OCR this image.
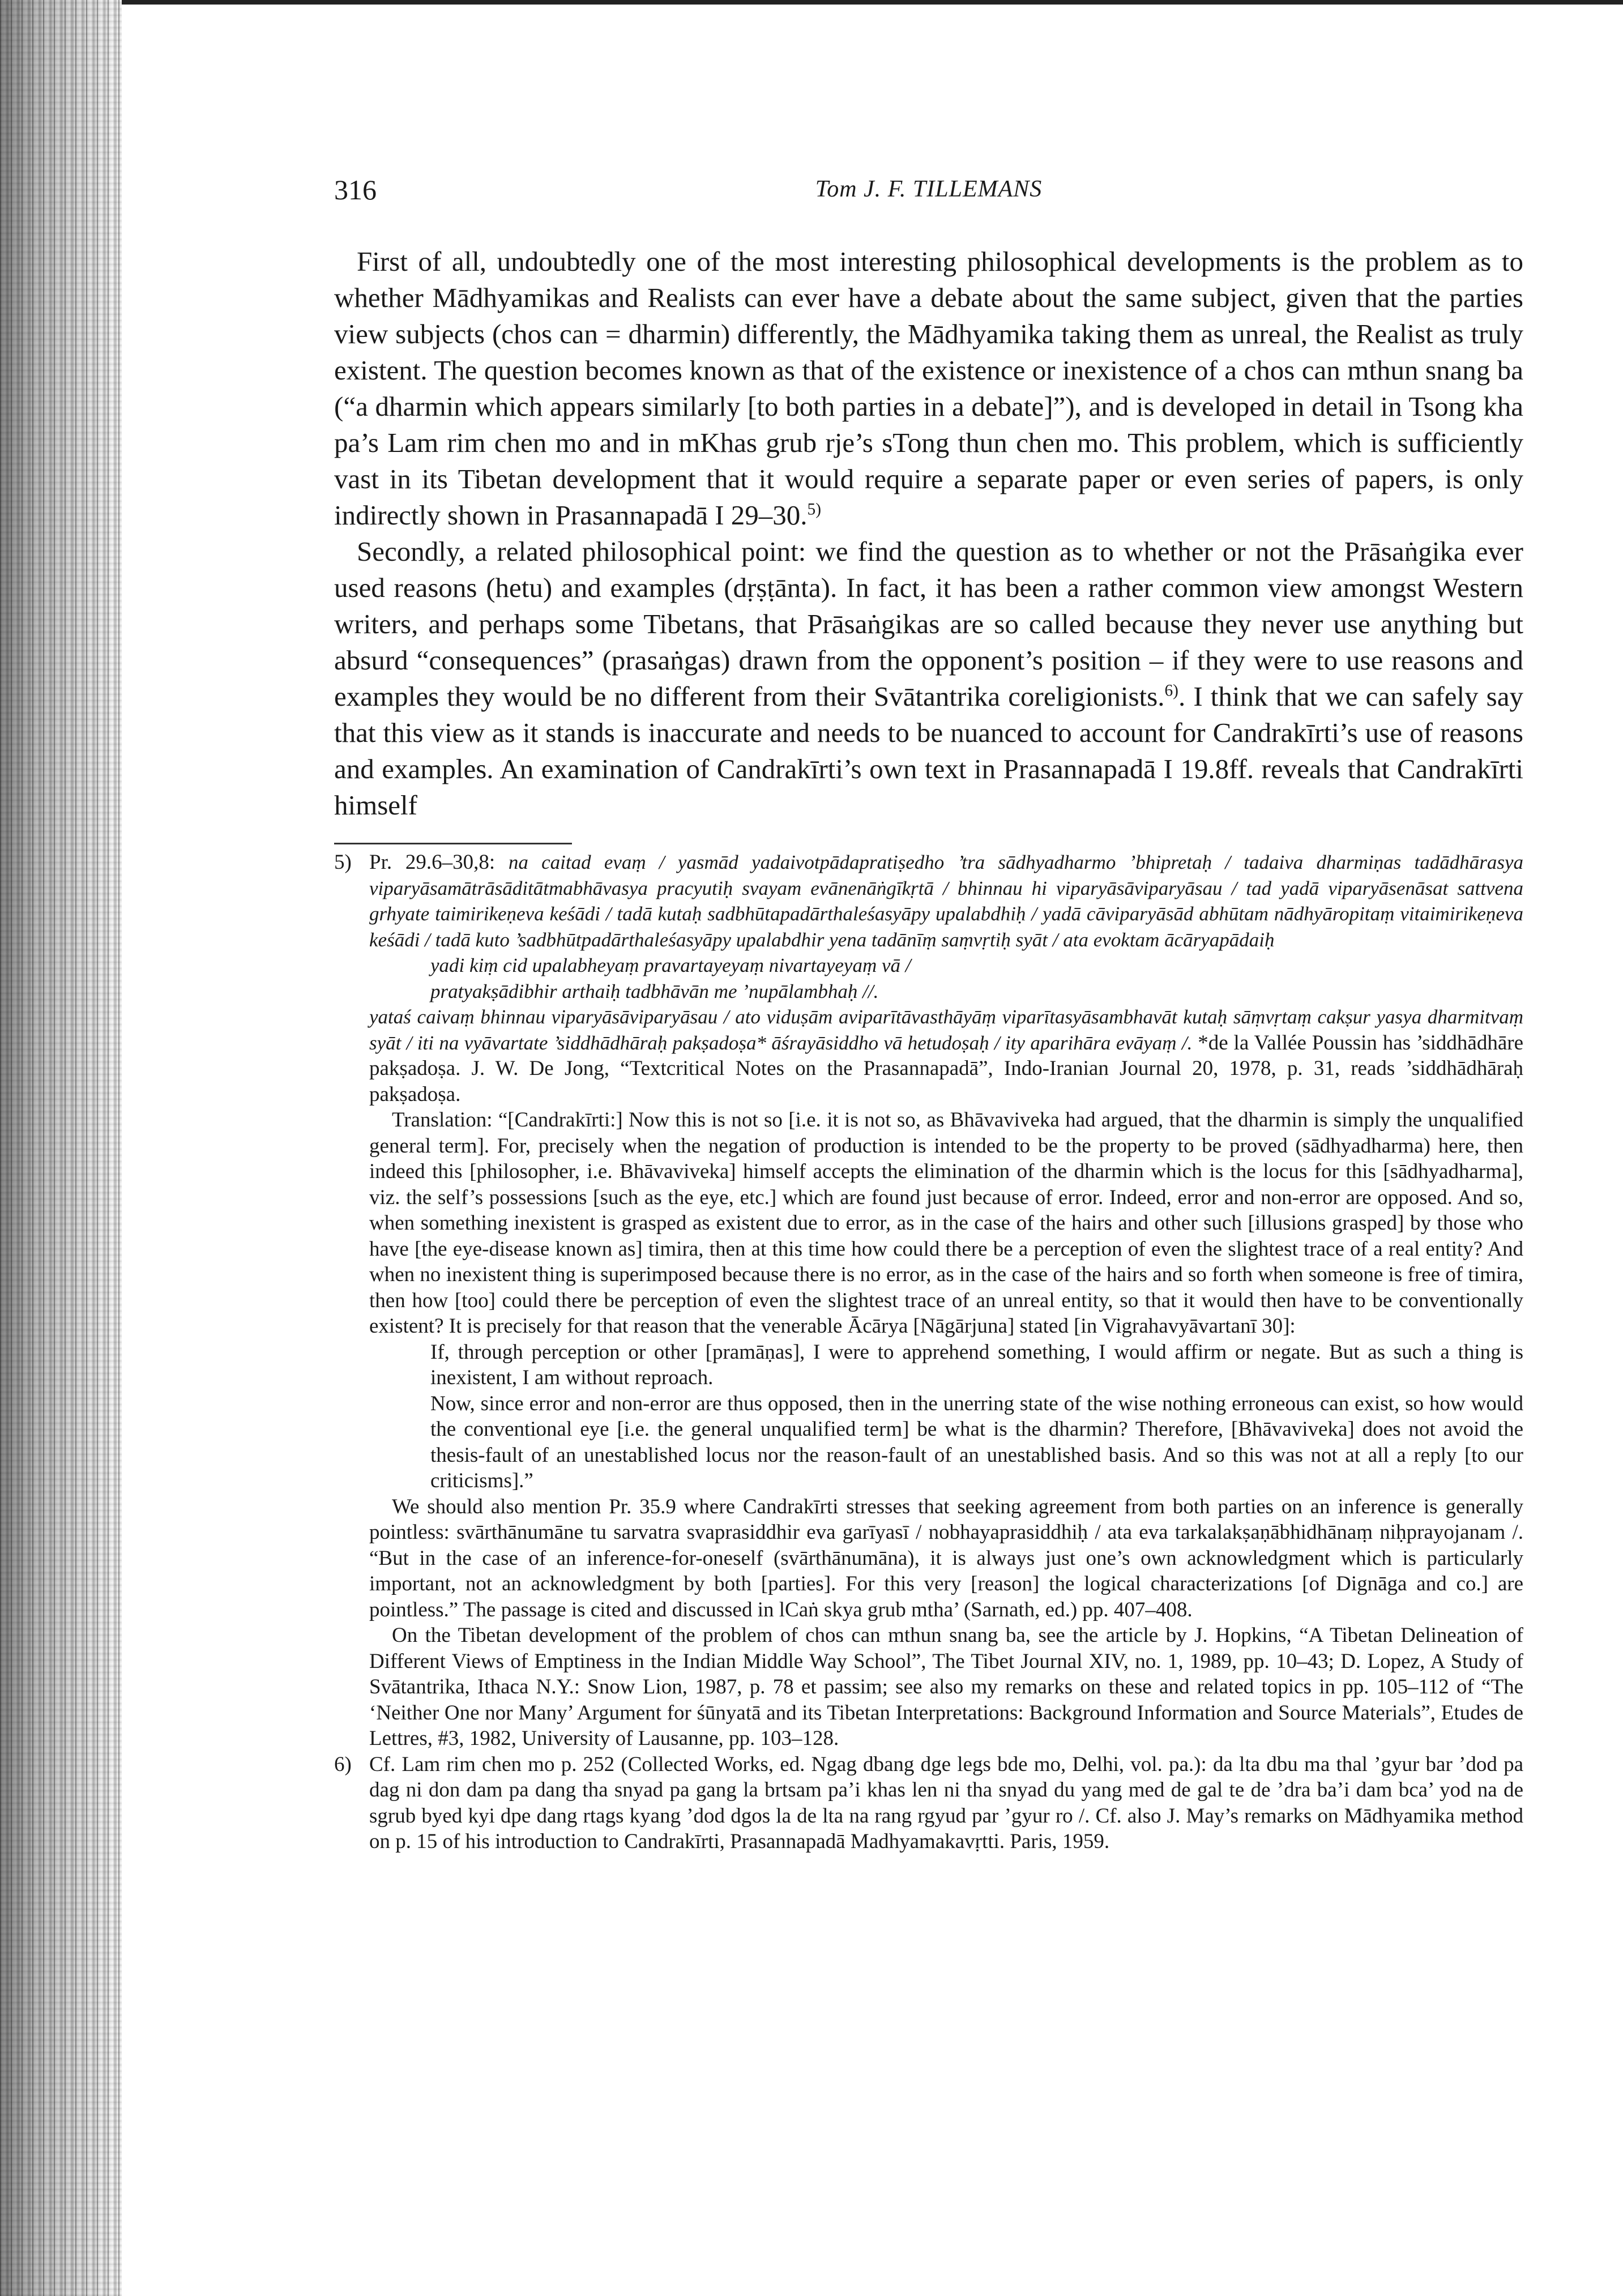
316	Tom J. F. TILLEMANS

First of all, undoubtedly one of the most interesting philosophical developments is the problem as to whether Mādhyamikas and Realists can ever have a debate about the same subject, given that the parties view subjects (chos can = dharmin) differently, the Mādhyamika taking them as unreal, the Realist as truly existent. The question becomes known as that of the existence or inexistence of a chos can mthun snang ba (“a dharmin which appears similarly [to both parties in a debate]”), and is developed in detail in Tsong kha pa’s Lam rim chen mo and in mKhas grub rje’s sTong thun chen mo. This problem, which is sufficiently vast in its Tibetan development that it would require a separate paper or even series of papers, is only indirectly shown in Prasannapadā I 29–30.$^{5)}$

Secondly, a related philosophical point: we find the question as to whether or not the Prāsaṅgika ever used reasons (hetu) and examples (dṛṣṭānta). In fact, it has been a rather common view amongst Western writers, and perhaps some Tibetans, that Prāsaṅgikas are so called because they never use anything but absurd “consequences” (prasaṅgas) drawn from the opponent’s position – if they were to use reasons and examples they would be no different from their Svātantrika coreligionists.$^{6)}$. I think that we can safely say that this view as it stands is inaccurate and needs to be nuanced to account for Candrakīrti’s use of reasons and examples. An examination of Candrakīrti’s own text in Prasannapadā I 19.8ff. reveals that Candrakīrti himself

5) Pr. 29.6–30,8: na caitad evaṃ / yasmād yadaivotpādapratiṣedho ’tra sādhyadharmo ’bhipretaḥ / tadaiva dharmiṇas tadādhārasya viparyāsamātrāsāditātmabhāvasya pracyutiḥ svayam evānenāṅgīkṛtā / bhinnau hi viparyāsāviparyāsau / tad yadā viparyāsenāsat sattvena grhyate taimirikeṇeva keśādi / tadā kutaḥ sadbhūtapadārthaleśasyāpy upalabdhiḥ / yadā cāviparyāsād abhūtam nādhyāropitaṃ vitaimirikeṇeva keśādi / tadā kuto ’sadbhūtpadārthaleśasyāpy upalabdhir yena tadānīṃ saṃvṛtiḥ syāt / ata evoktam ācāryapādaiḥ

yadi kiṃ cid upalabheyaṃ pravartayeyaṃ nivartayeyaṃ vā /

pratyakṣādibhir arthaiḥ tadbhāvān me ’nupālambhaḥ //.

yataś caivaṃ bhinnau viparyāsāviparyāsau / ato viduṣām aviparītāvasthāyāṃ viparītasyāsambhavāt kutaḥ sāṃvṛtaṃ cakṣur yasya dharmitvaṃ syāt / iti na vyāvartate ’siddhādhāraḥ pakṣadoṣa* āśrayāsiddho vā hetudoṣaḥ / ity aparihāra evāyaṃ /. *de la Vallée Poussin has ’siddhādhāre pakṣadoṣa. J. W. De Jong, “Textcritical Notes on the Prasannapadā”, Indo-Iranian Journal 20, 1978, p. 31, reads ’siddhādhāraḥ pakṣadoṣa.

Translation: “[Candrakīrti:] Now this is not so [i.e. it is not so, as Bhāvaviveka had argued, that the dharmin is simply the unqualified general term]. For, precisely when the negation of production is intended to be the property to be proved (sādhyadharma) here, then indeed this [philosopher, i.e. Bhāvaviveka] himself accepts the elimination of the dharmin which is the locus for this [sādhyadharma], viz. the self’s possessions [such as the eye, etc.] which are found just because of error. Indeed, error and non-error are opposed. And so, when something inexistent is grasped as existent due to error, as in the case of the hairs and other such [illusions grasped] by those who have [the eye-disease known as] timira, then at this time how could there be a perception of even the slightest trace of a real entity? And when no inexistent thing is superimposed because there is no error, as in the case of the hairs and so forth when someone is free of timira, then how [too] could there be perception of even the slightest trace of an unreal entity, so that it would then have to be conventionally existent? It is precisely for that reason that the venerable Ācārya [Nāgārjuna] stated [in Vigrahavyāvartanī 30]:

If, through perception or other [pramāṇas], I were to apprehend something, I would affirm or negate. But as such a thing is inexistent, I am without reproach.

Now, since error and non-error are thus opposed, then in the unerring state of the wise nothing erroneous can exist, so how would the conventional eye [i.e. the general unqualified term] be what is the dharmin? Therefore, [Bhāvaviveka] does not avoid the thesis-fault of an unestablished locus nor the reason-fault of an unestablished basis. And so this was not at all a reply [to our criticisms].”

We should also mention Pr. 35.9 where Candrakīrti stresses that seeking agreement from both parties on an inference is generally pointless: svārthānumāne tu sarvatra svaprasiddhir eva garīyasī / nobhayaprasiddhiḥ / ata eva tarkalakṣaṇābhidhānaṃ niḥprayojanam /. “But in the case of an inference-for-oneself (svārthānumāna), it is always just one’s own acknowledgment which is particularly important, not an acknowledgment by both [parties]. For this very [reason] the logical characterizations [of Dignāga and co.] are pointless.” The passage is cited and discussed in lCaṅ skya grub mtha’ (Sarnath, ed.) pp. 407–408.

On the Tibetan development of the problem of chos can mthun snang ba, see the article by J. Hopkins, “A Tibetan Delineation of Different Views of Emptiness in the Indian Middle Way School”, The Tibet Journal XIV, no. 1, 1989, pp. 10–43; D. Lopez, A Study of Svātantrika, Ithaca N.Y.: Snow Lion, 1987, p. 78 et passim; see also my remarks on these and related topics in pp. 105–112 of “The ‘Neither One nor Many’ Argument for śūnyatā and its Tibetan Interpretations: Background Information and Source Materials”, Etudes de Lettres, #3, 1982, University of Lausanne, pp. 103–128.

6) Cf. Lam rim chen mo p. 252 (Collected Works, ed. Ngag dbang dge legs bde mo, Delhi, vol. pa.): da lta dbu ma thal ’gyur bar ’dod pa dag ni don dam pa dang tha snyad pa gang la brtsam pa’i khas len ni tha snyad du yang med de gal te de ’dra ba’i dam bca’ yod na de sgrub byed kyi dpe dang rtags kyang ’dod dgos la de lta na rang rgyud par ’gyur ro /. Cf. also J. May’s remarks on Mādhyamika method on p. 15 of his introduction to Candrakīrti, Prasannapadā Madhyamakavṛtti. Paris, 1959.
